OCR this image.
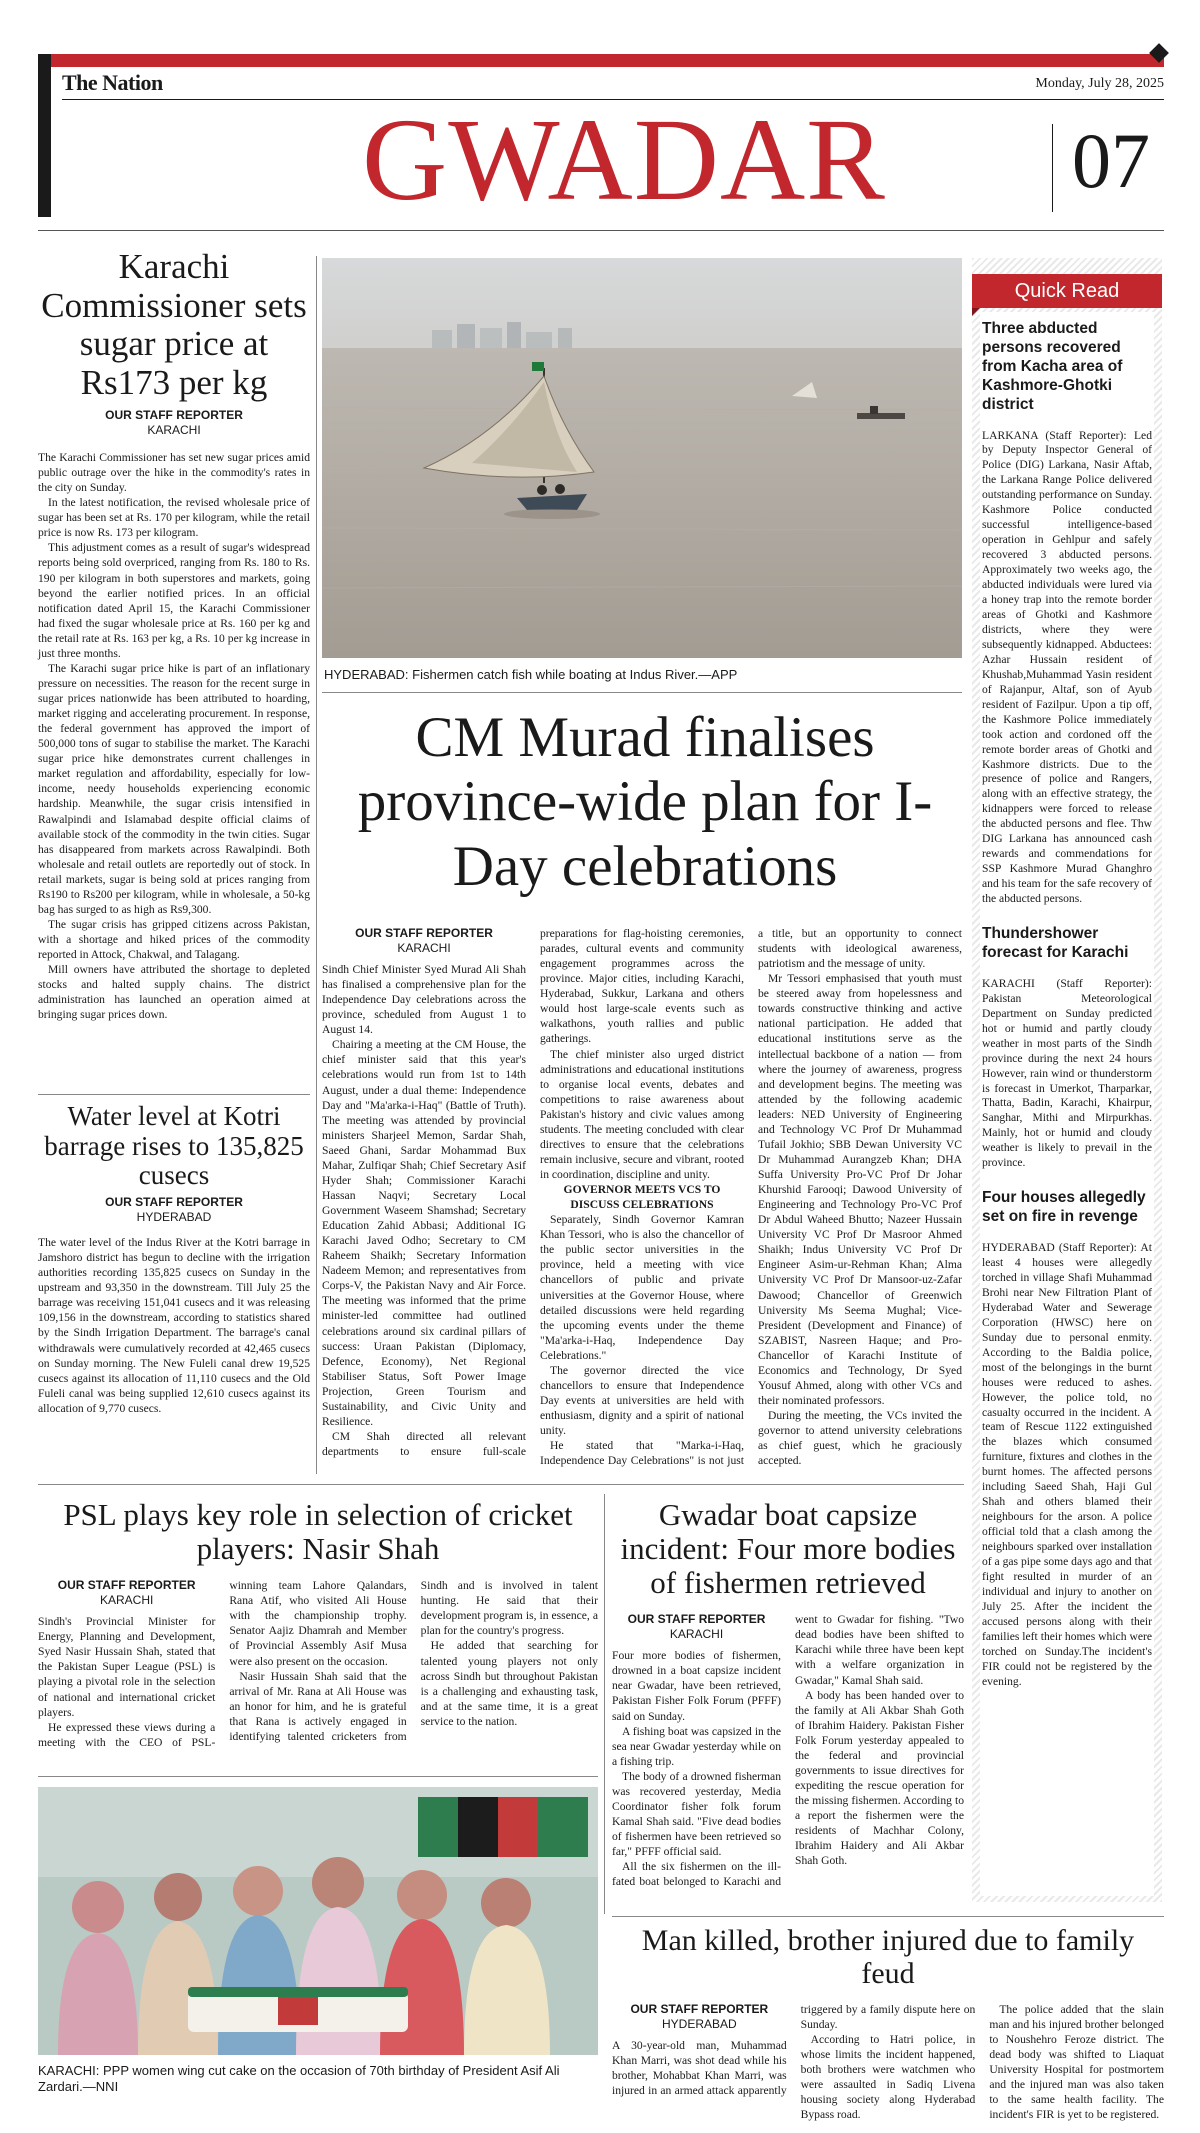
The Nation	Monday, July 28, 2025
GWADAR 07
Karachi Commissioner sets sugar price at Rs173 per kg
OUR STAFF REPORTER
KARACHI

The Karachi Commissioner has set new sugar prices amid public outrage over the hike in the commodity's rates in the city on Sunday.

In the latest notification, the revised wholesale price of sugar has been set at Rs. 170 per kilogram, while the retail price is now Rs. 173 per kilogram.

This adjustment comes as a result of sugar's widespread reports being sold overpriced, ranging from Rs. 180 to Rs. 190 per kilogram in both superstores and markets, going beyond the earlier notified prices. In an official notification dated April 15, the Karachi Commissioner had fixed the sugar wholesale price at Rs. 160 per kg and the retail rate at Rs. 163 per kg, a Rs. 10 per kg increase in just three months.

The Karachi sugar price hike is part of an inflationary pressure on necessities. The reason for the recent surge in sugar prices nationwide has been attributed to hoarding, market rigging and accelerating procurement. In response, the federal government has approved the import of 500,000 tons of sugar to stabilise the market. The Karachi sugar price hike demonstrates current challenges in market regulation and affordability, especially for low-income, needy households experiencing economic hardship. Meanwhile, the sugar crisis intensified in Rawalpindi and Islamabad despite official claims of available stock of the commodity in the twin cities. Sugar has disappeared from markets across Rawalpindi. Both wholesale and retail outlets are reportedly out of stock. In retail markets, sugar is being sold at prices ranging from Rs190 to Rs200 per kilogram, while in wholesale, a 50-kg bag has surged to as high as Rs9,300.

The sugar crisis has gripped citizens across Pakistan, with a shortage and hiked prices of the commodity reported in Attock, Chakwal, and Talagang.

Mill owners have attributed the shortage to depleted stocks and halted supply chains. The district administration has launched an operation aimed at bringing sugar prices down.

Water level at Kotri barrage rises to 135,825 cusecs
OUR STAFF REPORTER
HYDERABAD

The water level of the Indus River at the Kotri barrage in Jamshoro district has begun to decline with the irrigation authorities recording 135,825 cusecs on Sunday in the upstream and 93,350 in the downstream. Till July 25 the barrage was receiving 151,041 cusecs and it was releasing 109,156 in the downstream, according to statistics shared by the Sindh Irrigation Department. The barrage's canal withdrawals were cumulatively recorded at 42,465 cusecs on Sunday morning. The New Fuleli canal drew 19,525 cusecs against its allocation of 11,110 cusecs and the Old Fuleli canal was being supplied 12,610 cusecs against its allocation of 9,770 cusecs.

HYDERABAD: Fishermen catch fish while boating at Indus River.—APP
CM Murad finalises province-wide plan for I-Day celebrations
OUR STAFF REPORTER
KARACHI

Sindh Chief Minister Syed Murad Ali Shah has finalised a comprehensive plan for the Independence Day celebrations across the province, scheduled from August 1 to August 14.

Chairing a meeting at the CM House, the chief minister said that this year's celebrations would run from 1st to 14th August, under a dual theme: Independence Day and "Ma'arka-i-Haq" (Battle of Truth). The meeting was attended by provincial ministers Sharjeel Memon, Sardar Shah, Saeed Ghani, Sardar Mohammad Bux Mahar, Zulfiqar Shah; Chief Secretary Asif Hyder Shah; Commissioner Karachi Hassan Naqvi; Secretary Local Government Waseem Shamshad; Secretary Education Zahid Abbasi; Additional IG Karachi Javed Odho; Secretary to CM Raheem Shaikh; Secretary Information Nadeem Memon; and representatives from Corps-V, the Pakistan Navy and Air Force. The meeting was informed that the prime minister-led committee had outlined celebrations around six cardinal pillars of success: Uraan Pakistan (Diplomacy, Defence, Economy), Net Regional Stabiliser Status, Soft Power Image Projection, Green Tourism and Sustainability, and Civic Unity and Resilience.

CM Shah directed all relevant departments to ensure full-scale preparations for flag-hoisting ceremonies, parades, cultural events and community engagement programmes across the province. Major cities, including Karachi, Hyderabad, Sukkur, Larkana and others would host large-scale events such as walkathons, youth rallies and public gatherings.

The chief minister also urged district administrations and educational institutions to organise local events, debates and competitions to raise awareness about Pakistan's history and civic values among students. The meeting concluded with clear directives to ensure that the celebrations remain inclusive, secure and vibrant, rooted in coordination, discipline and unity.

GOVERNOR MEETS VCS TO DISCUSS CELEBRATIONS

Separately, Sindh Governor Kamran Khan Tessori, who is also the chancellor of the public sector universities in the province, held a meeting with vice chancellors of public and private universities at the Governor House, where detailed discussions were held regarding the upcoming events under the theme "Ma'arka-i-Haq, Independence Day Celebrations."

The governor directed the vice chancellors to ensure that Independence Day events at universities are held with enthusiasm, dignity and a spirit of national unity.

He stated that "Marka-i-Haq, Independence Day Celebrations" is not just a title, but an opportunity to connect students with ideological awareness, patriotism and the message of unity.

Mr Tessori emphasised that youth must be steered away from hopelessness and towards constructive thinking and active national participation. He added that educational institutions serve as the intellectual backbone of a nation — from where the journey of awareness, progress and development begins. The meeting was attended by the following academic leaders: NED University of Engineering and Technology VC Prof Dr Muhammad Tufail Jokhio; SBB Dewan University VC Dr Muhammad Aurangzeb Khan; DHA Suffa University Pro-VC Prof Dr Johar Khurshid Farooqi; Dawood University of Engineering and Technology Pro-VC Prof Dr Abdul Waheed Bhutto; Nazeer Hussain University VC Prof Dr Masroor Ahmed Shaikh; Indus University VC Prof Dr Engineer Asim-ur-Rehman Khan; Alma University VC Prof Dr Mansoor-uz-Zafar Dawood; Chancellor of Greenwich University Ms Seema Mughal; Vice-President (Development and Finance) of SZABIST, Nasreen Haque; and Pro-Chancellor of Karachi Institute of Economics and Technology, Dr Syed Yousuf Ahmed, along with other VCs and their nominated professors.

During the meeting, the VCs invited the governor to attend university celebrations as chief guest, which he graciously accepted.

Quick Read
Three abducted persons recovered from Kacha area of Kashmore-Ghotki district

LARKANA (Staff Reporter): Led by Deputy Inspector General of Police (DIG) Larkana, Nasir Aftab, the Larkana Range Police delivered outstanding performance on Sunday. Kashmore Police conducted successful intelligence-based operation in Gehlpur and safely recovered 3 abducted persons. Approximately two weeks ago, the abducted individuals were lured via a honey trap into the remote border areas of Ghotki and Kashmore districts, where they were subsequently kidnapped. Abductees: Azhar Hussain resident of Khushab,Muhammad Yasin resident of Rajanpur, Altaf, son of Ayub resident of Fazilpur. Upon a tip off, the Kashmore Police immediately took action and cordoned off the remote border areas of Ghotki and Kashmore districts. Due to the presence of police and Rangers, along with an effective strategy, the kidnappers were forced to release the abducted persons and flee. Thw DIG Larkana has announced cash rewards and commendations for SSP Kashmore Murad Ghanghro and his team for the safe recovery of the abducted persons.

Thundershower forecast for Karachi

KARACHI (Staff Reporter): Pakistan Meteorological Department on Sunday predicted hot or humid and partly cloudy weather in most parts of the Sindh province during the next 24 hours However, rain wind or thunderstorm is forecast in Umerkot, Tharparkar, Thatta, Badin, Karachi, Khairpur, Sanghar, Mithi and Mirpurkhas. Mainly, hot or humid and cloudy weather is likely to prevail in the province.

Four houses allegedly set on fire in revenge

HYDERABAD (Staff Reporter): At least 4 houses were allegedly torched in village Shafi Muhammad Brohi near New Filtration Plant of Hyderabad Water and Sewerage Corporation (HWSC) here on Sunday due to personal enmity. According to the Baldia police, most of the belongings in the burnt houses were reduced to ashes. However, the police told, no casualty occurred in the incident. A team of Rescue 1122 extinguished the blazes which consumed furniture, fixtures and clothes in the burnt homes. The affected persons including Saeed Shah, Haji Gul Shah and others blamed their neighbours for the arson. A police official told that a clash among the neighbours sparked over installation of a gas pipe some days ago and that fight resulted in murder of an individual and injury to another on July 25. After the incident the accused persons along with their families left their homes which were torched on Sunday.The incident's FIR could not be registered by the evening.

PSL plays key role in selection of cricket players: Nasir Shah
OUR STAFF REPORTER
KARACHI

Sindh's Provincial Minister for Energy, Planning and Development, Syed Nasir Hussain Shah, stated that the Pakistan Super League (PSL) is playing a pivotal role in the selection of national and international cricket players.

He expressed these views during a meeting with the CEO of PSL-winning team Lahore Qalandars, Rana Atif, who visited Ali House with the championship trophy. Senator Aajiz Dhamrah and Member of Provincial Assembly Asif Musa were also present on the occasion.

Nasir Hussain Shah said that the arrival of Mr. Rana at Ali House was an honor for him, and he is grateful that Rana is actively engaged in identifying talented cricketers from Sindh and is involved in talent hunting. He said that their development program is, in essence, a plan for the country's progress.

He added that searching for talented young players not only across Sindh but throughout Pakistan is a challenging and exhausting task, and at the same time, it is a great service to the nation.

KARACHI: PPP women wing cut cake on the occasion of 70th birthday of President Asif Ali Zardari.—NNI
Gwadar boat capsize incident: Four more bodies of fishermen retrieved
OUR STAFF REPORTER
KARACHI

Four more bodies of fishermen, drowned in a boat capsize incident near Gwadar, have been retrieved, Pakistan Fisher Folk Forum (PFFF) said on Sunday.

A fishing boat was capsized in the sea near Gwadar yesterday while on a fishing trip.

The body of a drowned fisherman was recovered yesterday, Media Coordinator fisher folk forum Kamal Shah said. "Five dead bodies of fishermen have been retrieved so far," PFFF official said.

All the six fishermen on the ill-fated boat belonged to Karachi and went to Gwadar for fishing. "Two dead bodies have been shifted to Karachi while three have been kept with a welfare organization in Gwadar," Kamal Shah said.

A body has been handed over to the family at Ali Akbar Shah Goth of Ibrahim Haidery. Pakistan Fisher Folk Forum yesterday appealed to the federal and provincial governments to issue directives for expediting the rescue operation for the missing fishermen. According to a report the fishermen were the residents of Machhar Colony, Ibrahim Haidery and Ali Akbar Shah Goth.

Man killed, brother injured due to family feud
OUR STAFF REPORTER
HYDERABAD

A 30-year-old man, Muhammad Khan Marri, was shot dead while his brother, Mohabbat Khan Marri, was injured in an armed attack apparently triggered by a family dispute here on Sunday.

According to Hatri police, in whose limits the incident happened, both brothers were watchmen who were assaulted in Sadiq Livena housing society along Hyderabad Bypass road.

The police added that the slain man and his injured brother belonged to Noushehro Feroze district. The dead body was shifted to Liaquat University Hospital for postmortem and the injured man was also taken to the same health facility. The incident's FIR is yet to be registered.
